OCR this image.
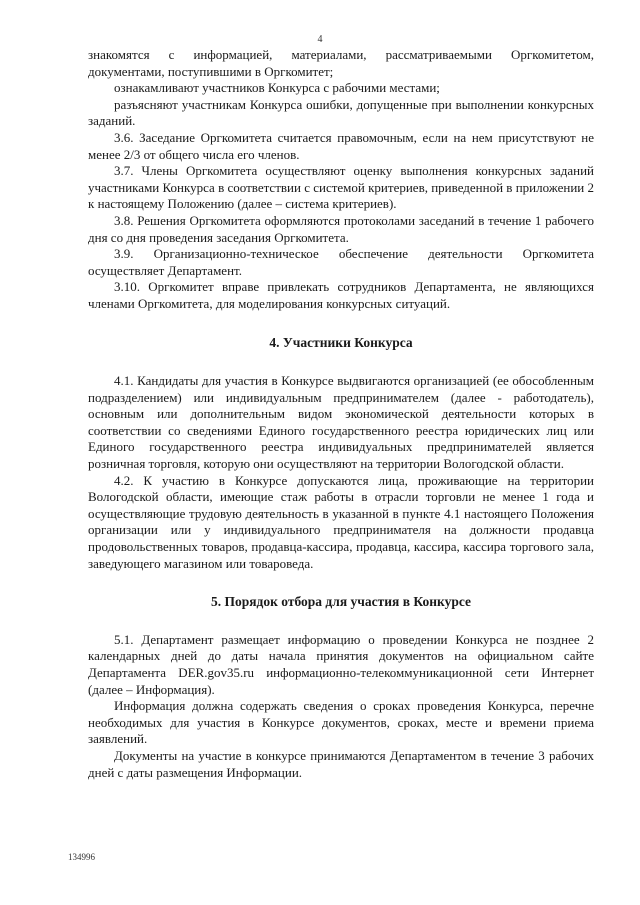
4

знакомятся с информацией, материалами, рассматриваемыми Оргкомитетом, документами, поступившими в Оргкомитет;

ознакамливают участников Конкурса с рабочими местами;

разъясняют участникам Конкурса ошибки, допущенные при выполнении конкурсных заданий.

3.6. Заседание Оргкомитета считается правомочным, если на нем присутствуют не менее 2/3 от общего числа его членов.

3.7. Члены Оргкомитета осуществляют оценку выполнения конкурсных заданий участниками Конкурса в соответствии с системой критериев, приведенной в приложении 2 к настоящему Положению (далее – система критериев).

3.8. Решения Оргкомитета оформляются протоколами заседаний в течение 1 рабочего дня со дня проведения заседания Оргкомитета.

3.9. Организационно-техническое обеспечение деятельности Оргкомитета осуществляет Департамент.

3.10. Оргкомитет вправе привлекать сотрудников Департамента, не являющихся членами Оргкомитета, для моделирования конкурсных ситуаций.

4. Участники Конкурса

4.1. Кандидаты для участия в Конкурсе выдвигаются организацией (ее обособленным подразделением) или индивидуальным предпринимателем (далее - работодатель), основным или дополнительным видом экономической деятельности которых в соответствии со сведениями Единого государственного реестра юридических лиц или Единого государственного реестра индивидуальных предпринимателей является розничная торговля, которую они осуществляют на территории Вологодской области.

4.2. К участию в Конкурсе допускаются лица, проживающие на территории Вологодской области, имеющие стаж работы в отрасли торговли не менее 1 года и осуществляющие трудовую деятельность в указанной в пункте 4.1 настоящего Положения организации или у индивидуального предпринимателя на должности продавца продовольственных товаров, продавца-кассира, продавца, кассира, кассира торгового зала, заведующего магазином или товароведа.

5. Порядок отбора для участия в Конкурсе

5.1. Департамент размещает информацию о проведении Конкурса не позднее 2 календарных дней до даты начала принятия документов на официальном сайте Департамента DER.gov35.ru информационно-телекоммуникационной сети Интернет (далее – Информация).

Информация должна содержать сведения о сроках проведения Конкурса, перечне необходимых для участия в Конкурсе документов, сроках, месте и времени приема заявлений.

Документы на участие в конкурсе принимаются Департаментом в течение 3 рабочих дней с даты размещения Информации.

134996
